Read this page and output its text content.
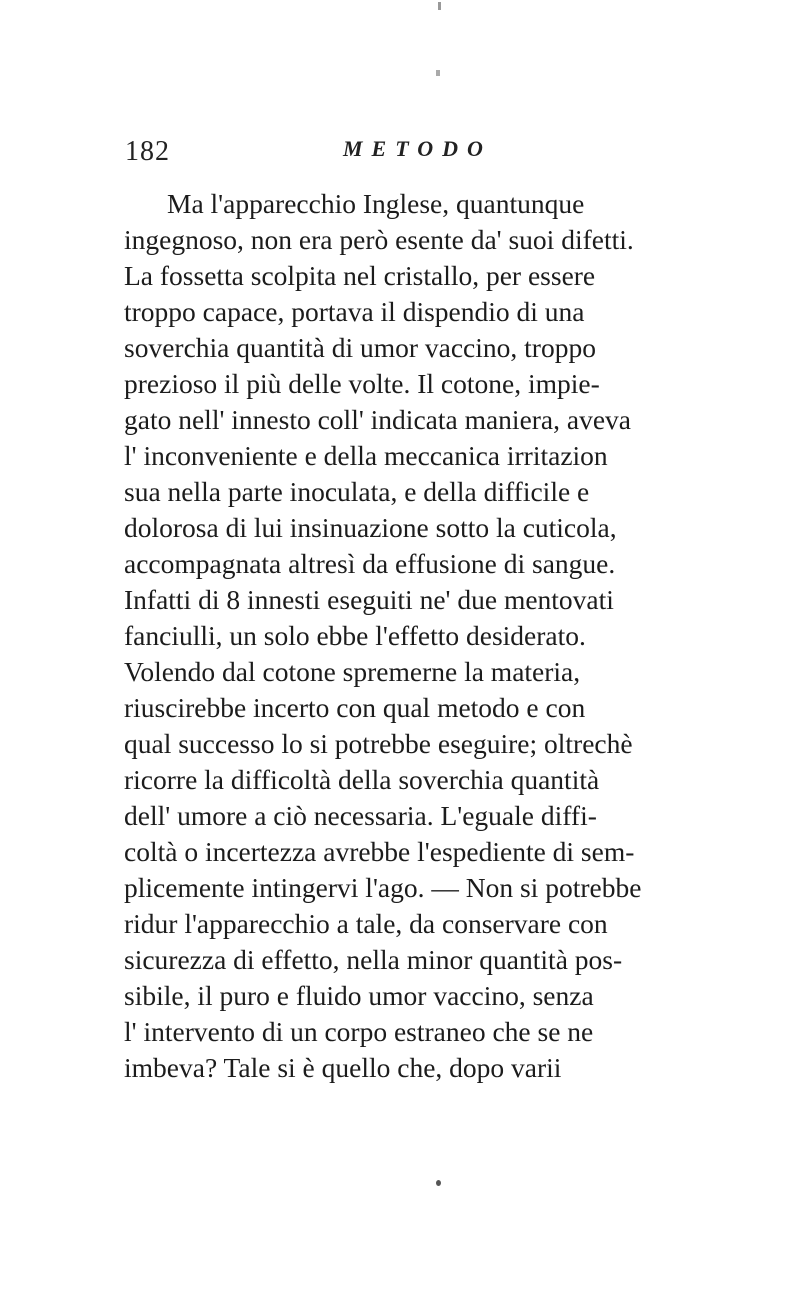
182	METODO
Ma l'apparecchio Inglese, quantunque
ingegnoso, non era però esente da' suoi difetti.
La fossetta scolpita nel cristallo, per essere
troppo capace, portava il dispendio di una
soverchia quantità di umor vaccino, troppo
prezioso il più delle volte. Il cotone, impie-
gato nell' innesto coll' indicata maniera, aveva
l' inconveniente e della meccanica irritazion
sua nella parte inoculata, e della difficile e
dolorosa di lui insinuazione sotto la cuticola,
accompagnata altresì da effusione di sangue.
Infatti di 8 innesti eseguiti ne' due mentovati
fanciulli, un solo ebbe l'effetto desiderato.
Volendo dal cotone spremerne la materia,
riuscirebbe incerto con qual metodo e con
qual successo lo si potrebbe eseguire; oltrechè
ricorre la difficoltà della soverchia quantità
dell' umore a ciò necessaria. L'eguale diffi-
coltà o incertezza avrebbe l'espediente di sem-
plicemente intingervi l'ago. — Non si potrebbe
ridur l'apparecchio a tale, da conservare con
sicurezza di effetto, nella minor quantità pos-
sibile, il puro e fluido umor vaccino, senza
l' intervento di un corpo estraneo che se ne
imbeva? Tale si è quello che, dopo varii
